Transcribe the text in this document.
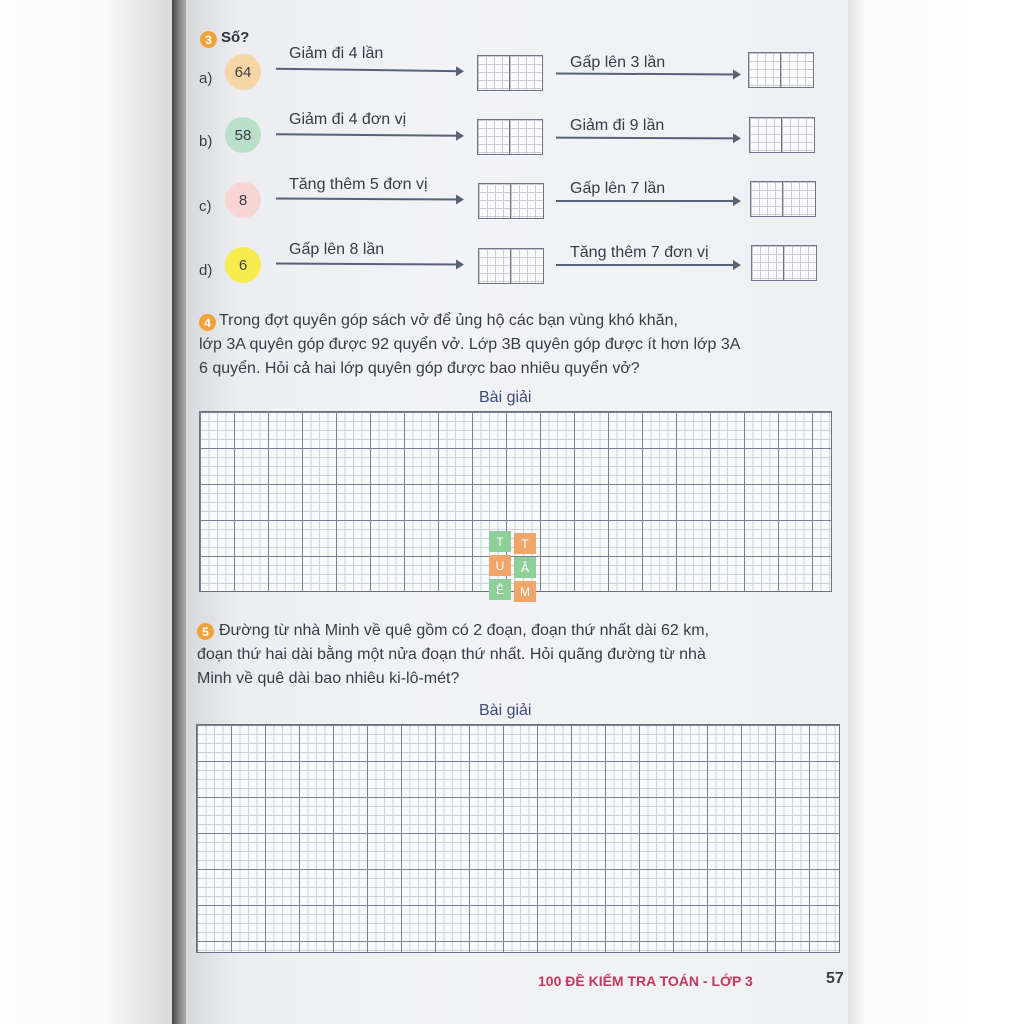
3 Số?
a)	64
Giảm đi 4 lần
Gấp lên 3 lần
b)	58
Giảm đi 4 đơn vị	Giảm đi 9 lần
c)	8
Tăng thêm 5 đơn vị	Gấp lên 7 lần
d)	6
Gấp lên 8 lần	Tăng thêm 7 đơn vị
4 Trong đợt quyên góp sách vở để ủng hộ các bạn vùng khó khăn,
lớp 3A quyên góp được 92 quyển vở. Lớp 3B quyên góp được ít hơn lớp 3A
6 quyển. Hỏi cả hai lớp quyên góp được bao nhiêu quyển vở?
Bài giải
T	T
U	Â
Ê	M
5 Đường từ nhà Minh về quê gồm có 2 đoạn, đoạn thứ nhất dài 62 km,
đoạn thứ hai dài bằng một nửa đoạn thứ nhất. Hỏi quãng đường từ nhà
Minh về quê dài bao nhiêu ki-lô-mét?
Bài giải
100 ĐỀ KIỂM TRA TOÁN - LỚP 3	57
